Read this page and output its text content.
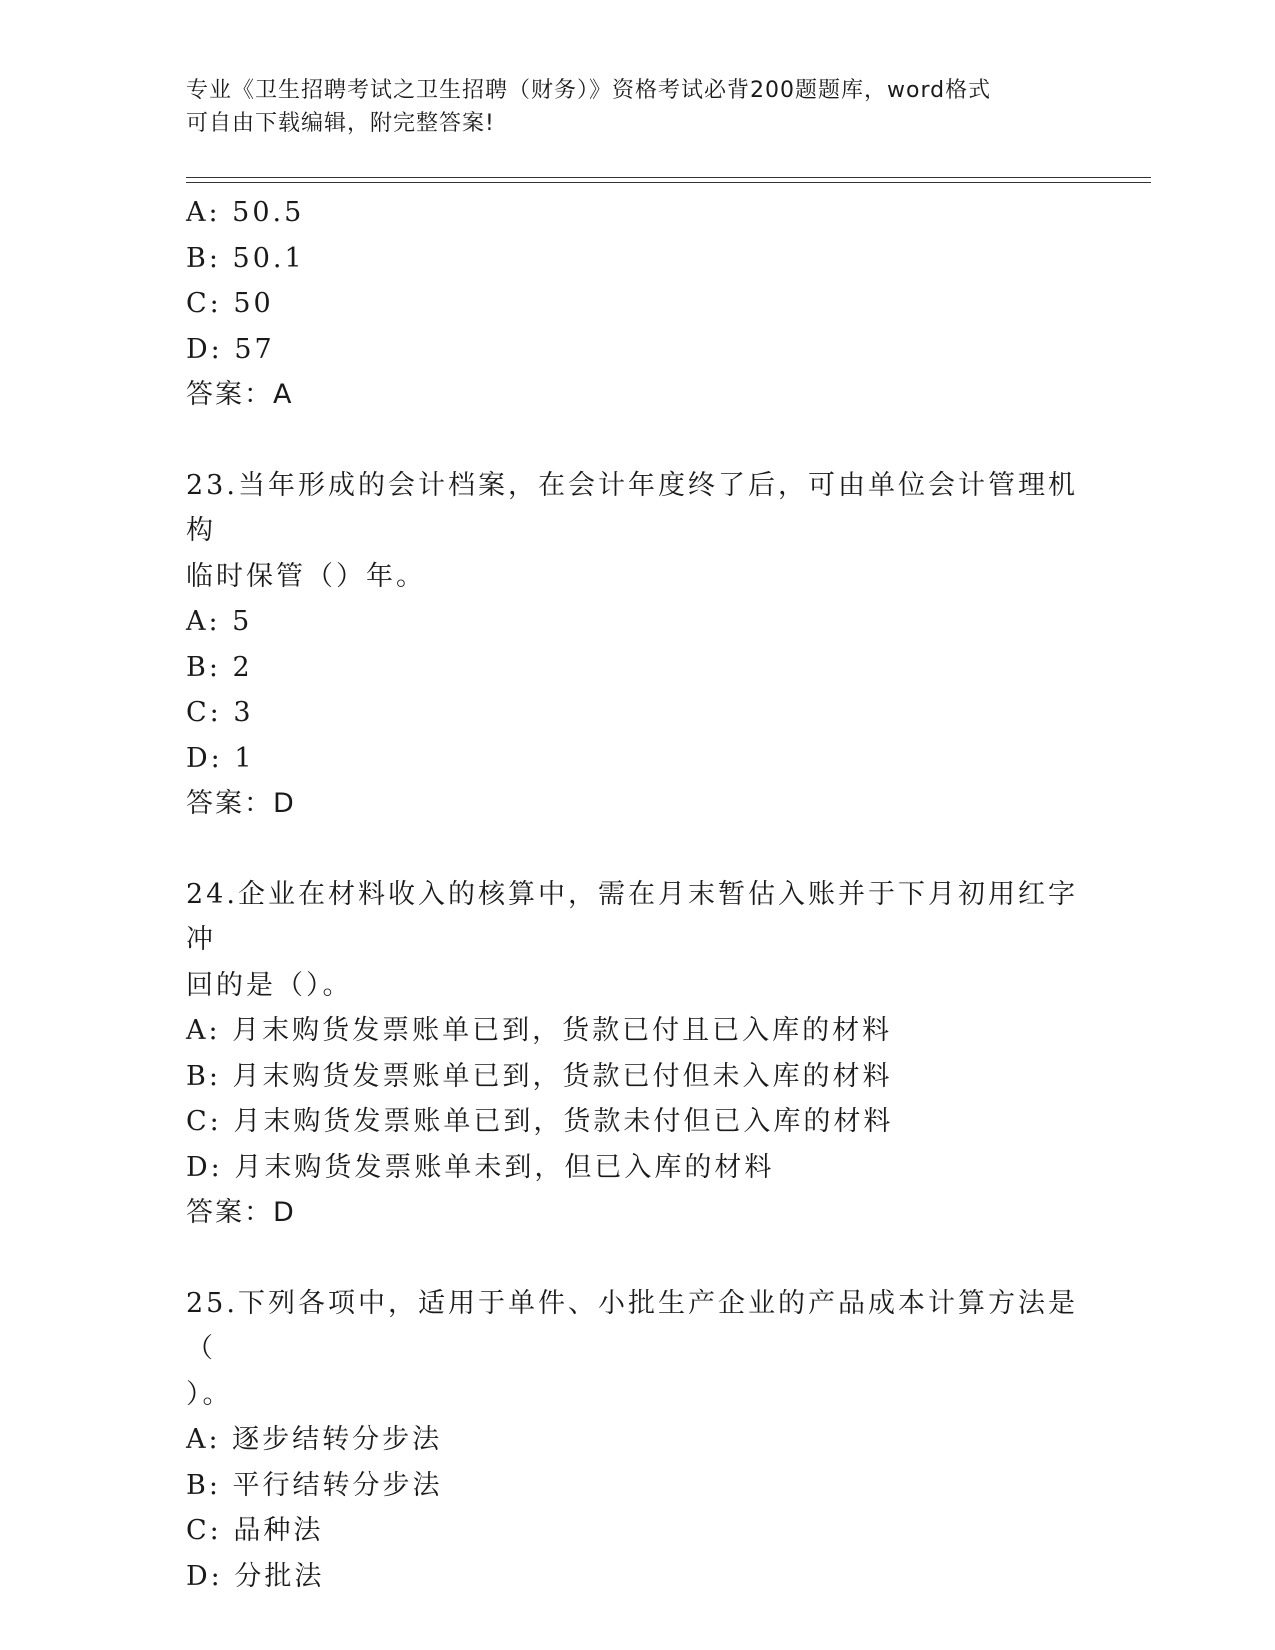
专业《卫生招聘考试之卫生招聘（财务）》资格考试必背200题题库，word格式
可自由下载编辑，附完整答案!
A: 50.5
B: 50.1
C: 50
D: 57
答案：A
23.当年形成的会计档案，在会计年度终了后，可由单位会计管理机构
临时保管（）年。
A: 5
B: 2
C: 3
D: 1
答案：D
24.企业在材料收入的核算中，需在月末暂估入账并于下月初用红字冲
回的是（）。
A: 月末购货发票账单已到，货款已付且已入库的材料
B: 月末购货发票账单已到，货款已付但未入库的材料
C: 月末购货发票账单已到，货款未付但已入库的材料
D: 月末购货发票账单未到，但已入库的材料
答案：D
25.下列各项中，适用于单件、小批生产企业的产品成本计算方法是（
）。
A: 逐步结转分步法
B: 平行结转分步法
C: 品种法
D: 分批法
